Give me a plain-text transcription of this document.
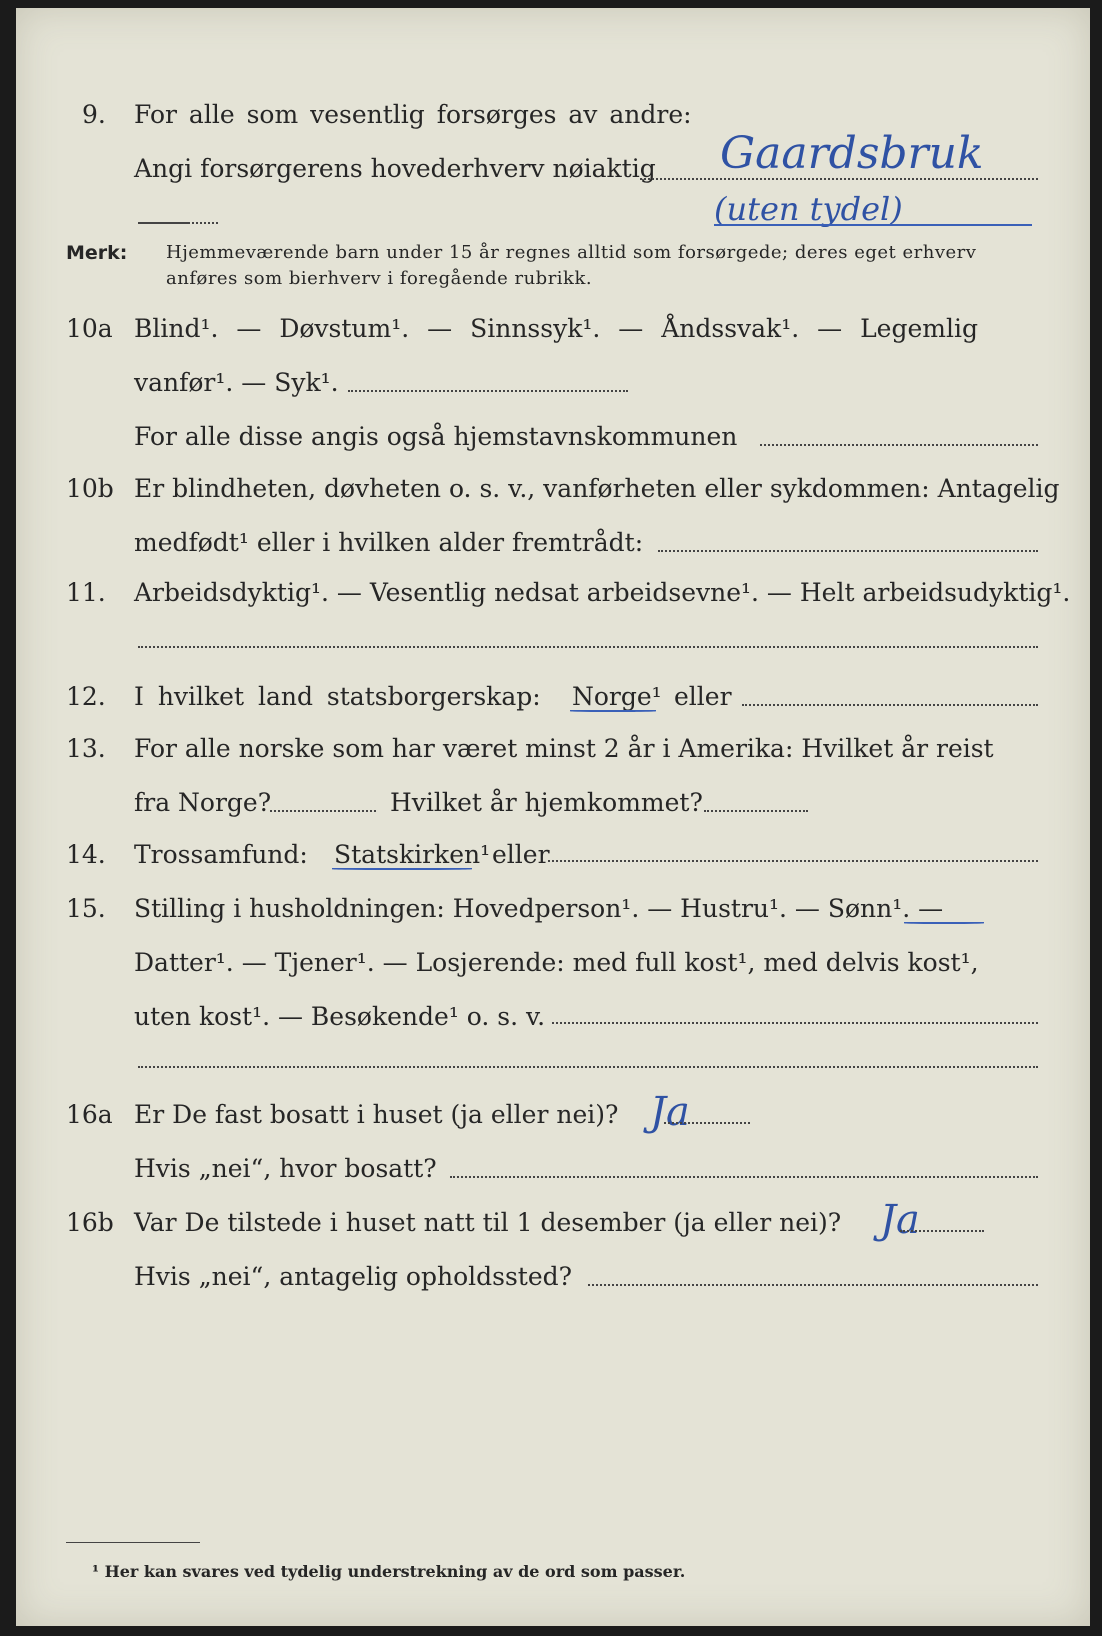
9. For alle som vesentlig forsørges av andre:
Angi forsørgerens hovederhverv nøiaktig Gaardsbruk
(uten tydel)
Merk: Hjemmeværende barn under 15 år regnes alltid som forsørgede; deres eget erhverv
anføres som bierhverv i foregående rubrikk.
10a Blind¹. — Døvstum¹. — Sinnssyk¹. — Åndssvak¹. — Legemlig
vanfør¹. — Syk¹.
For alle disse angis også hjemstavnskommunen
10b Er blindheten, døvheten o. s. v., vanførheten eller sykdommen: Antagelig
medfødt¹ eller i hvilken alder fremtrådt:
11. Arbeidsdyktig¹. — Vesentlig nedsat arbeidsevne¹. — Helt arbeidsudyktig¹.
12. I hvilket land statsborgerskap: Norge¹ eller
13. For alle norske som har været minst 2 år i Amerika: Hvilket år reist
fra Norge?	Hvilket år hjemkommet?
14. Trossamfund: Statskirken¹ eller
15. Stilling i husholdningen: Hovedperson¹. — Hustru¹. — Sønn¹. —
Datter¹. — Tjener¹. — Losjerende: med full kost¹, med delvis kost¹,
uten kost¹. — Besøkende¹ o. s. v.
16a Er De fast bosatt i huset (ja eller nei)? Ja
Hvis „nei“, hvor bosatt?
16b Var De tilstede i huset natt til 1 desember (ja eller nei)? Ja
Hvis „nei“, antagelig opholdssted?
¹ Her kan svares ved tydelig understrekning av de ord som passer.
